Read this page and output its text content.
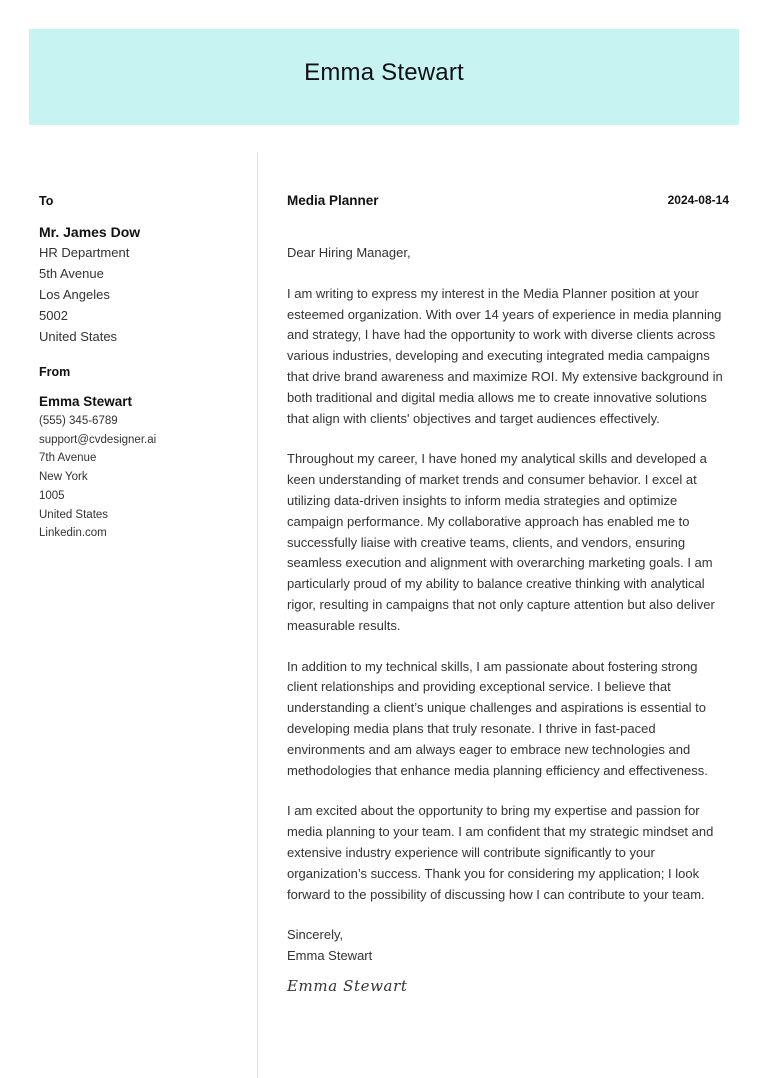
Emma Stewart
To
Mr. James Dow
HR Department
5th Avenue
Los Angeles
5002
United States
From
Emma Stewart
(555) 345-6789
support@cvdesigner.ai
7th Avenue
New York
1005
United States
Linkedin.com
Media Planner	2024-08-14
Dear Hiring Manager,
I am writing to express my interest in the Media Planner position at your esteemed organization. With over 14 years of experience in media planning and strategy, I have had the opportunity to work with diverse clients across various industries, developing and executing integrated media campaigns that drive brand awareness and maximize ROI. My extensive background in both traditional and digital media allows me to create innovative solutions that align with clients' objectives and target audiences effectively.
Throughout my career, I have honed my analytical skills and developed a keen understanding of market trends and consumer behavior. I excel at utilizing data-driven insights to inform media strategies and optimize campaign performance. My collaborative approach has enabled me to successfully liaise with creative teams, clients, and vendors, ensuring seamless execution and alignment with overarching marketing goals. I am particularly proud of my ability to balance creative thinking with analytical rigor, resulting in campaigns that not only capture attention but also deliver measurable results.
In addition to my technical skills, I am passionate about fostering strong client relationships and providing exceptional service. I believe that understanding a client’s unique challenges and aspirations is essential to developing media plans that truly resonate. I thrive in fast-paced environments and am always eager to embrace new technologies and methodologies that enhance media planning efficiency and effectiveness.
I am excited about the opportunity to bring my expertise and passion for media planning to your team. I am confident that my strategic mindset and extensive industry experience will contribute significantly to your organization’s success. Thank you for considering my application; I look forward to the possibility of discussing how I can contribute to your team.
Sincerely,
Emma Stewart
Emma Stewart
